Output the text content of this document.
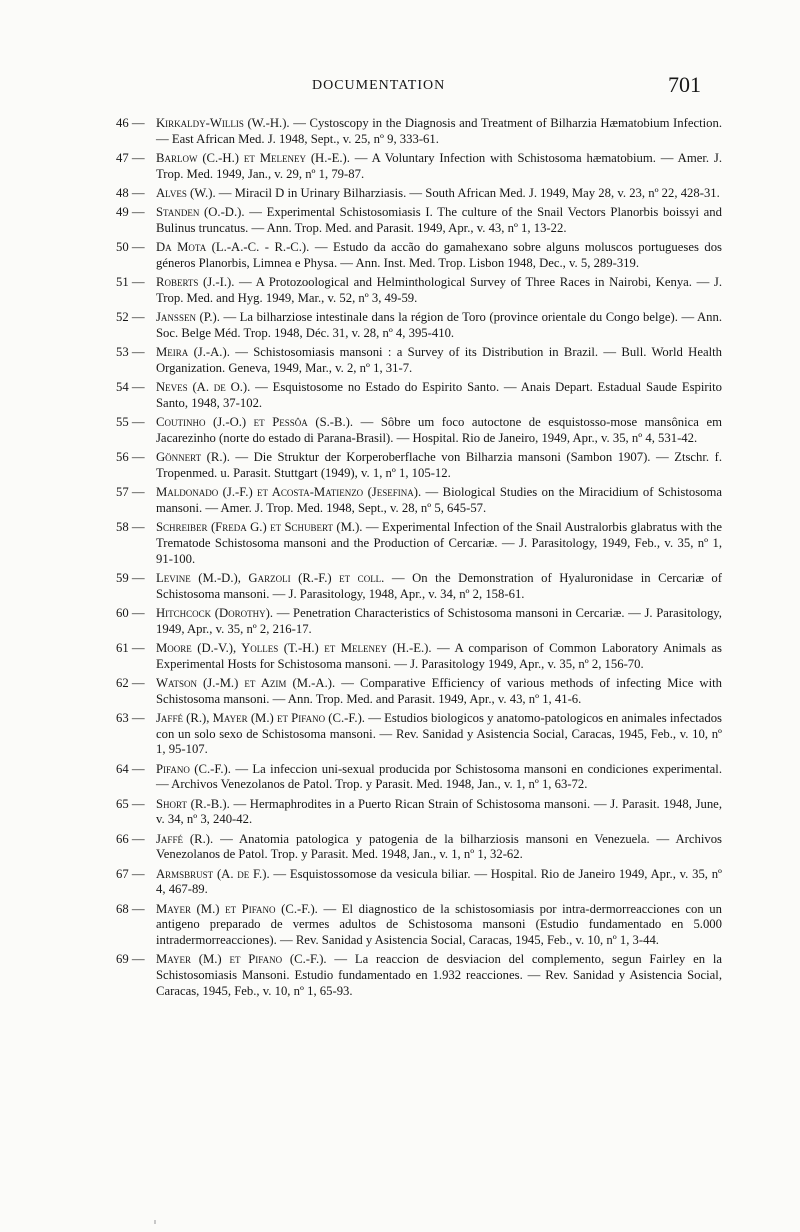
DOCUMENTATION	701
46 — Kirkaldy-Willis (W.-H.). — Cystoscopy in the Diagnosis and Treatment of Bilharzia Hæmatobium Infection. — East African Med. J. 1948, Sept., v. 25, nº 9, 333-61.
47 — Barlow (C.-H.) et Meleney (H.-E.). — A Voluntary Infection with Schistosoma hæmatobium. — Amer. J. Trop. Med. 1949, Jan., v. 29, nº 1, 79-87.
48 — Alves (W.). — Miracil D in Urinary Bilharziasis. — South African Med. J. 1949, May 28, v. 23, nº 22, 428-31.
49 — Standen (O.-D.). — Experimental Schistosomiasis I. The culture of the Snail Vectors Planorbis boissyi and Bulinus truncatus. — Ann. Trop. Med. and Parasit. 1949, Apr., v. 43, nº 1, 13-22.
50 — Da Mota (L.-A.-C. - R.-C.). — Estudo da accão do gamahexano sobre alguns moluscos portugueses dos géneros Planorbis, Limnea e Physa. — Ann. Inst. Med. Trop. Lisbon 1948, Dec., v. 5, 289-319.
51 — Roberts (J.-I.). — A Protozoological and Helminthological Survey of Three Races in Nairobi, Kenya. — J. Trop. Med. and Hyg. 1949, Mar., v. 52, nº 3, 49-59.
52 — Janssen (P.). — La bilharziose intestinale dans la région de Toro (province orientale du Congo belge). — Ann. Soc. Belge Méd. Trop. 1948, Déc. 31, v. 28, nº 4, 395-410.
53 — Meira (J.-A.). — Schistosomiasis mansoni : a Survey of its Distribution in Brazil. — Bull. World Health Organization. Geneva, 1949, Mar., v. 2, nº 1, 31-7.
54 — Neves (A. de O.). — Esquistosome no Estado do Espirito Santo. — Anais Depart. Estadual Saude Espirito Santo, 1948, 37-102.
55 — Coutinho (J.-O.) et Pessôa (S.-B.). — Sôbre um foco autoctone de esquistosso-mose mansônica em Jacarezinho (norte do estado di Parana-Brasil). — Hospital. Rio de Janeiro, 1949, Apr., v. 35, nº 4, 531-42.
56 — Gönnert (R.). — Die Struktur der Korperoberflache von Bilharzia mansoni (Sambon 1907). — Ztschr. f. Tropenmed. u. Parasit. Stuttgart (1949), v. 1, nº 1, 105-12.
57 — Maldonado (J.-F.) et Acosta-Matienzo (Jesefina). — Biological Studies on the Miracidium of Schistosoma mansoni. — Amer. J. Trop. Med. 1948, Sept., v. 28, nº 5, 645-57.
58 — Schreiber (Freda G.) et Schubert (M.). — Experimental Infection of the Snail Australorbis glabratus with the Trematode Schistosoma mansoni and the Production of Cercariæ. — J. Parasitology, 1949, Feb., v. 35, nº 1, 91-100.
59 — Levine (M.-D.), Garzoli (R.-F.) et coll. — On the Demonstration of Hyaluronidase in Cercariæ of Schistosoma mansoni. — J. Parasitology, 1948, Apr., v. 34, nº 2, 158-61.
60 — Hitchcock (Dorothy). — Penetration Characteristics of Schistosoma mansoni in Cercariæ. — J. Parasitology, 1949, Apr., v. 35, nº 2, 216-17.
61 — Moore (D.-V.), Yolles (T.-H.) et Meleney (H.-E.). — A comparison of Common Laboratory Animals as Experimental Hosts for Schistosoma mansoni. — J. Parasitology 1949, Apr., v. 35, nº 2, 156-70.
62 — Watson (J.-M.) et Azim (M.-A.). — Comparative Efficiency of various methods of infecting Mice with Schistosoma mansoni. — Ann. Trop. Med. and Parasit. 1949, Apr., v. 43, nº 1, 41-6.
63 — Jaffé (R.), Mayer (M.) et Pifano (C.-F.). — Estudios biologicos y anatomo-patologicos en animales infectados con un solo sexo de Schistosoma mansoni. — Rev. Sanidad y Asistencia Social, Caracas, 1945, Feb., v. 10, nº 1, 95-107.
64 — Pifano (C.-F.). — La infeccion uni-sexual producida por Schistosoma mansoni en condiciones experimental. — Archivos Venezolanos de Patol. Trop. y Parasit. Med. 1948, Jan., v. 1, nº 1, 63-72.
65 — Short (R.-B.). — Hermaphrodites in a Puerto Rican Strain of Schistosoma mansoni. — J. Parasit. 1948, June, v. 34, nº 3, 240-42.
66 — Jaffé (R.). — Anatomia patologica y patogenia de la bilharziosis mansoni en Venezuela. — Archivos Venezolanos de Patol. Trop. y Parasit. Med. 1948, Jan., v. 1, nº 1, 32-62.
67 — Armsbrust (A. de F.). — Esquistossomose da vesicula biliar. — Hospital. Rio de Janeiro 1949, Apr., v. 35, nº 4, 467-89.
68 — Mayer (M.) et Pifano (C.-F.). — El diagnostico de la schistosomiasis por intra-dermorreacciones con un antigeno preparado de vermes adultos de Schistosoma mansoni (Estudio fundamentado en 5.000 intradermorreacciones). — Rev. Sanidad y Asistencia Social, Caracas, 1945, Feb., v. 10, nº 1, 3-44.
69 — Mayer (M.) et Pifano (C.-F.). — La reaccion de desviacion del complemento, segun Fairley en la Schistosomiasis Mansoni. Estudio fundamentado en 1.932 reacciones. — Rev. Sanidad y Asistencia Social, Caracas, 1945, Feb., v. 10, nº 1, 65-93.
